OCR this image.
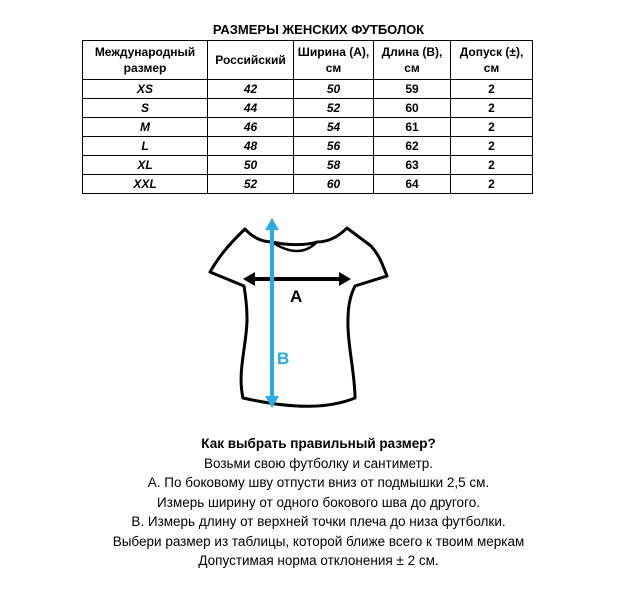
РАЗМЕРЫ ЖЕНСКИХ ФУТБОЛОК
Международный размер	Российский	Ширина (А), см	Длина (В), см	Допуск (±), см
XS	42	50	59	2
S	44	52	60	2
M	46	54	61	2
L	48	56	62	2
XL	50	58	63	2
XXL	52	60	64	2
A
B
Как выбрать правильный размер?
Возьми свою футболку и сантиметр.
А. По боковому шву отпусти вниз от подмышки 2,5 см.
Измерь ширину от одного бокового шва до другого.
В. Измерь длину от верхней точки плеча до низа футболки.
Выбери размер из таблицы, которой ближе всего к твоим меркам
Допустимая норма отклонения ± 2 см.
